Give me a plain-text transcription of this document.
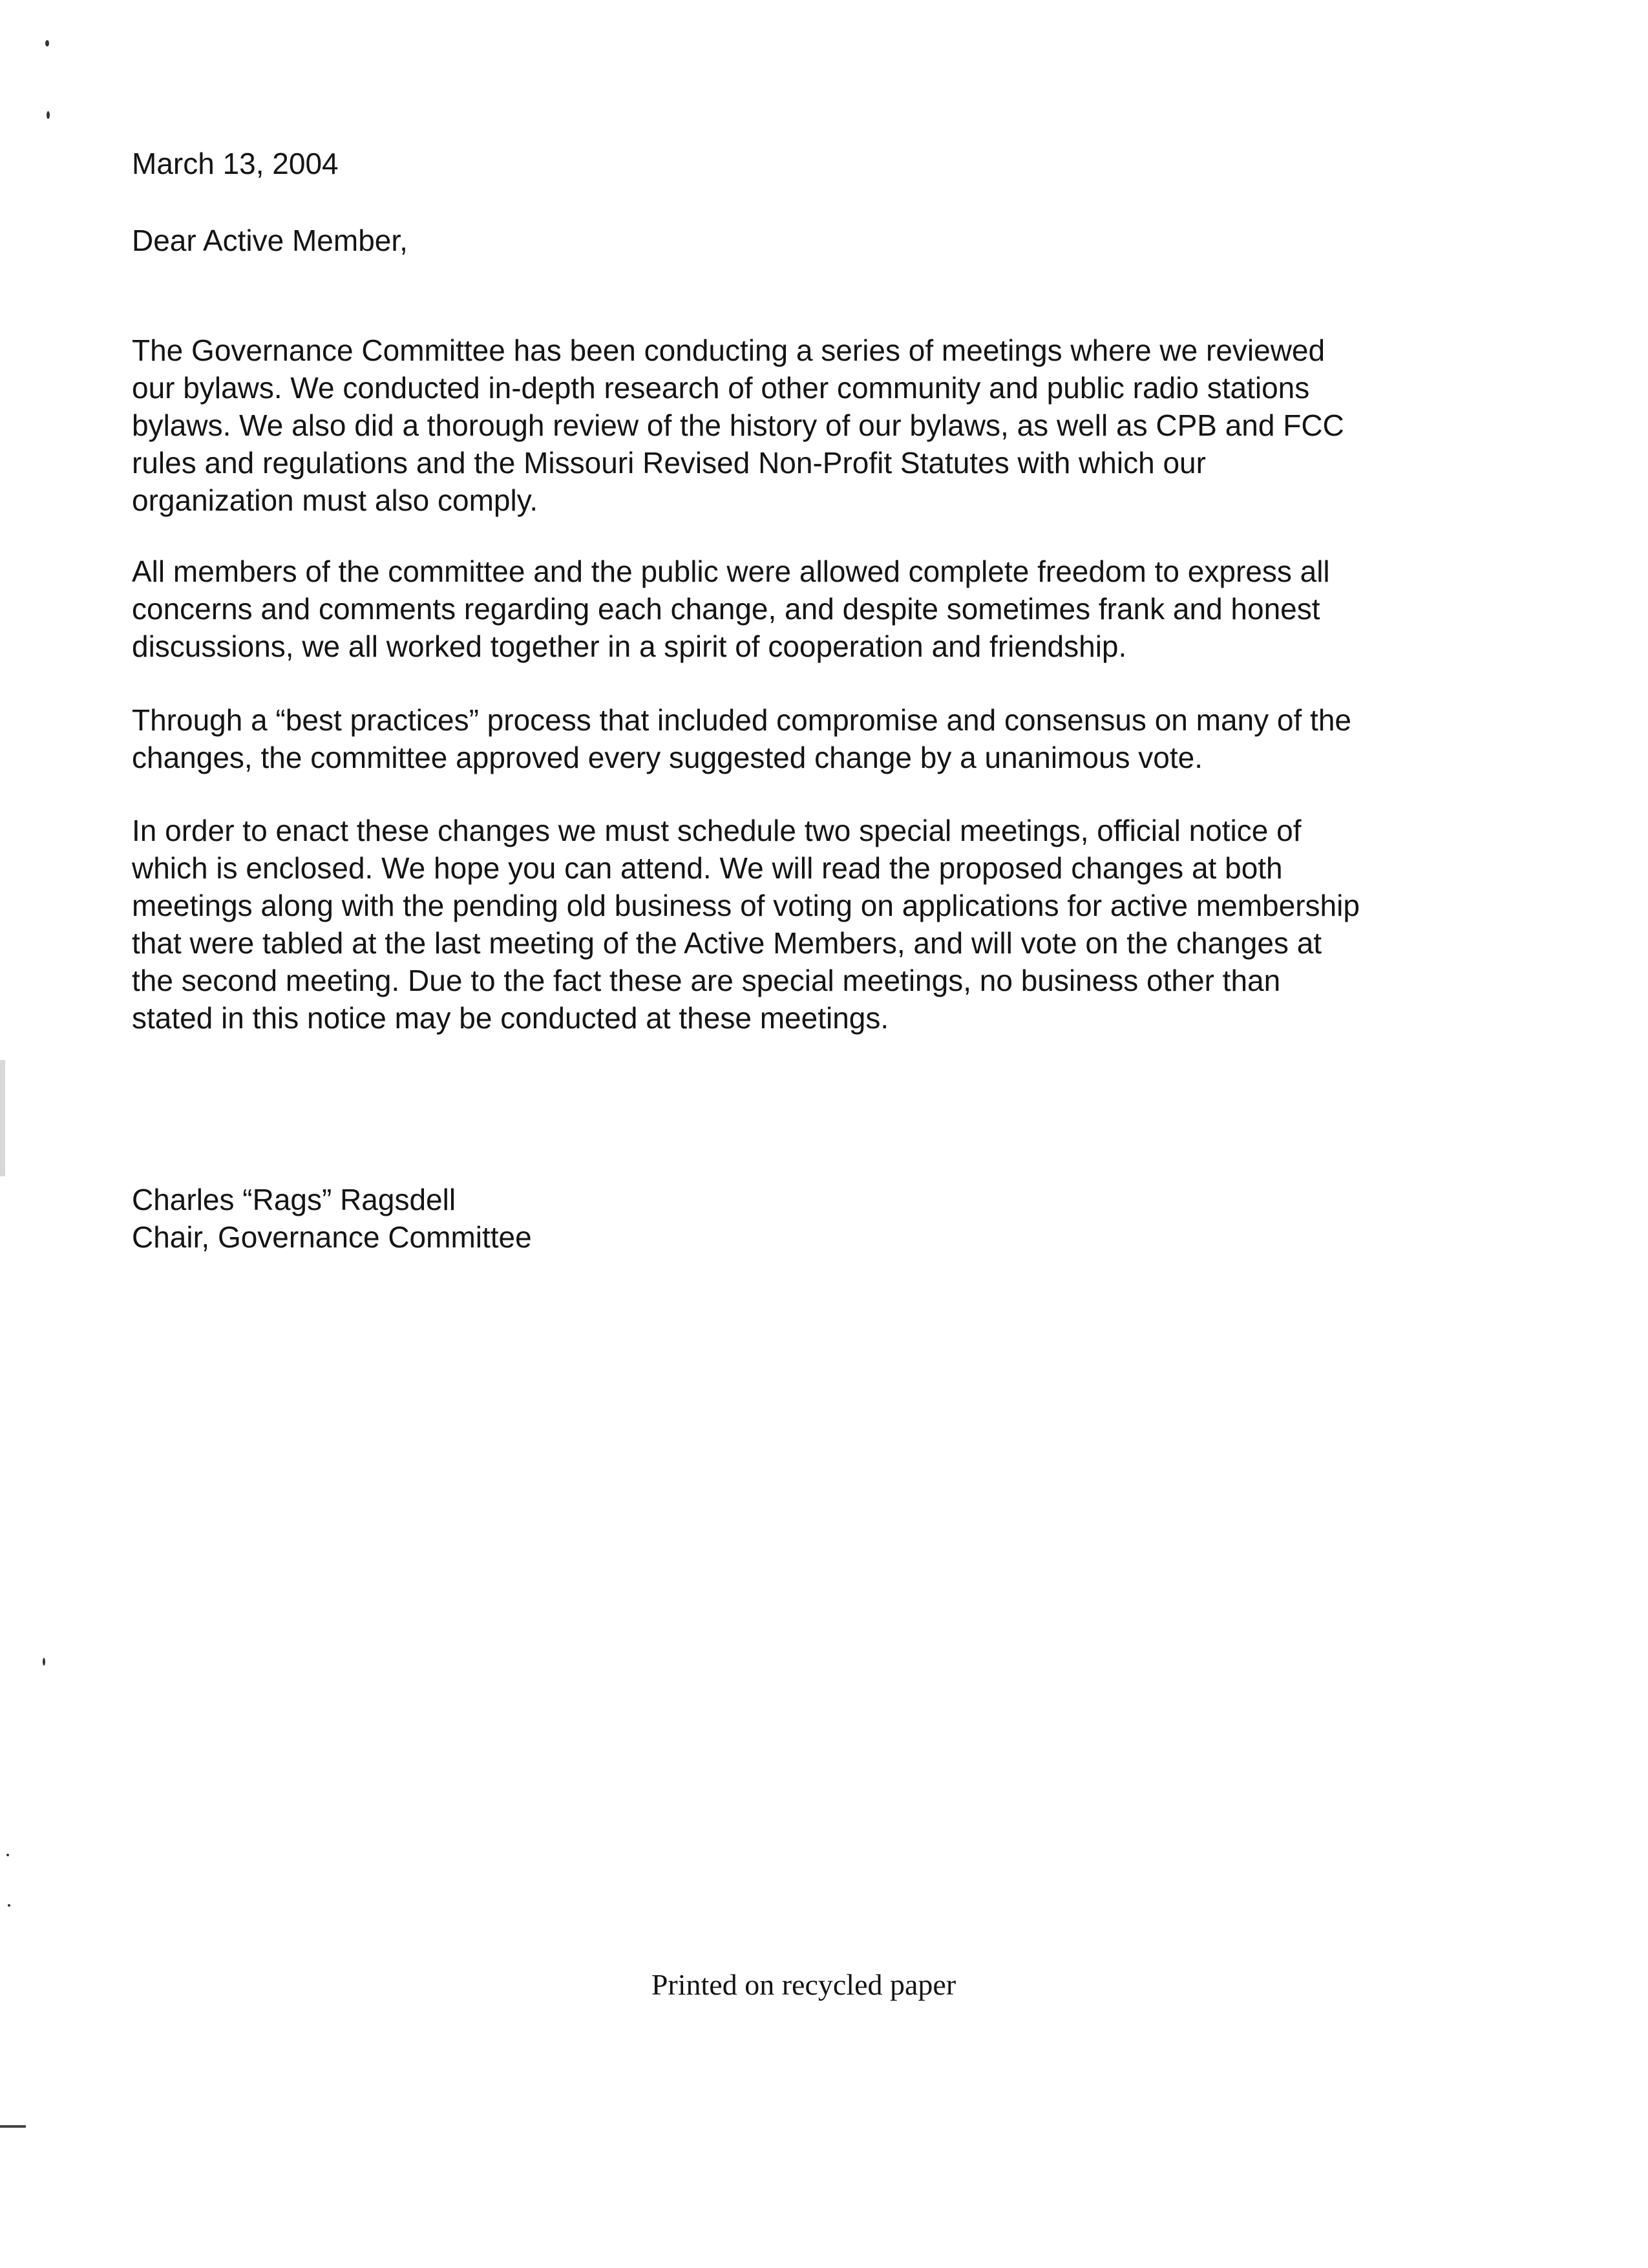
March 13, 2004
Dear Active Member,
The Governance Committee has been conducting a series of meetings where we reviewed
our bylaws. We conducted in-depth research of other community and public radio stations
bylaws. We also did a thorough review of the history of our bylaws, as well as CPB and FCC
rules and regulations and the Missouri Revised Non-Profit Statutes with which our
organization must also comply.
All members of the committee and the public were allowed complete freedom to express all
concerns and comments regarding each change, and despite sometimes frank and honest
discussions, we all worked together in a spirit of cooperation and friendship.
Through a “best practices” process that included compromise and consensus on many of the
changes, the committee approved every suggested change by a unanimous vote.
In order to enact these changes we must schedule two special meetings, official notice of
which is enclosed. We hope you can attend. We will read the proposed changes at both
meetings along with the pending old business of voting on applications for active membership
that were tabled at the last meeting of the Active Members, and will vote on the changes at
the second meeting. Due to the fact these are special meetings, no business other than
stated in this notice may be conducted at these meetings.
Charles “Rags” Ragsdell
Chair, Governance Committee
Printed on recycled paper
